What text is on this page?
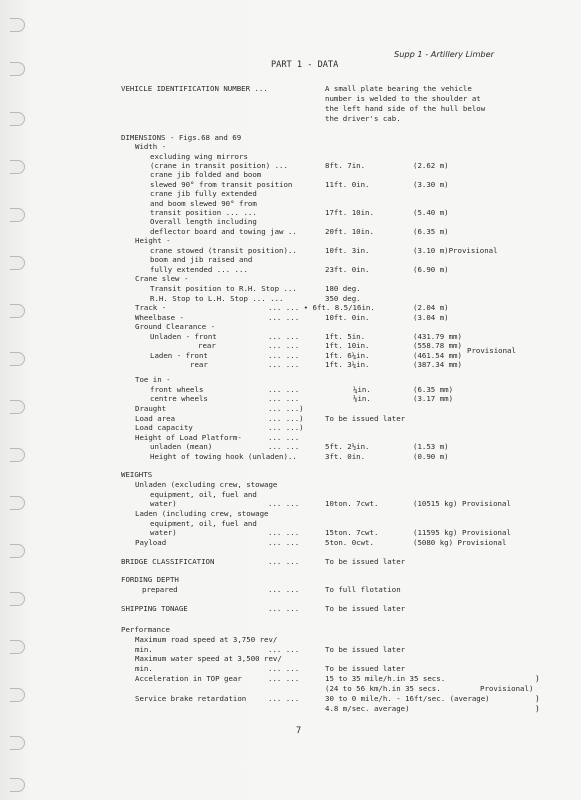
Supp 1 - Artillery Limber
PART 1 - DATA
VEHICLE IDENTIFICATION NUMBER ...	A small plate bearing the vehicle
number is welded to the shoulder at
the left hand side of the hull below
the driver's cab.
DIMENSIONS - Figs.68 and 69
Width -
excluding wing mirrors
(crane in transit position) ...	8ft. 7in.	(2.62 m)
crane jib folded and boom
slewed 90° from transit position	11ft. 0in.	(3.30 m)
crane jib fully extended
and boom slewed 90° from
transit position ... ...	17ft. 10in.	(5.40 m)
Overall length including
deflector board and towing jaw ..	20ft. 10in.	(6.35 m)
Height -
crane stowed (transit position)..	10ft. 3in.	(3.10 m)Provisional
boom and jib raised and
fully extended ... ...	23ft. 0in.	(6.90 m)
Crane slew -
Transit position to R.H. Stop ...	180 deg.
R.H. Stop to L.H. Stop ... ...	350 deg.
Track -	... ... • 6ft. 8.5/16in.	(2.04 m)
Wheelbase -	... ...	10ft. 0in.	(3.04 m)
Ground Clearance -
Unladen - front	... ...	1ft. 5in.	(431.79 mm)
rear	... ...	1ft. 10in.	(558.78 mm)
Provisional
Laden - front	... ...	1ft. 6¼in.	(461.54 mm)
rear	... ...	1ft. 3¼in.	(387.34 mm)
Toe in -
front wheels	... ...	¼in.	(6.35 mm)
centre wheels	... ...	⅛in.	(3.17 mm)
Draught	... ...)
Load area	... ...)	To be issued later
Load capacity	... ...)
Height of Load Platform-	... ...
unladen (mean)	... ...	5ft. 2½in.	(1.53 m)
Height of towing hook (unladen)..	3ft. 0in.	(0.90 m)
WEIGHTS
Unladen (excluding crew, stowage
equipment, oil, fuel and
water)	... ...	10ton. 7cwt.	(10515 kg) Provisional
Laden (including crew, stowage
equipment, oil, fuel and
water)	... ...	15ton. 7cwt.	(11595 kg) Provisional
Payload	... ...	5ton. 0cwt.	(5080 kg) Provisional
BRIDGE CLASSIFICATION	... ...	To be issued later
FORDING DEPTH
prepared	... ...	To full flotation
SHIPPING TONAGE	... ...	To be issued later
Performance
Maximum road speed at 3,750 rev/
min.	... ...	To be issued later
Maximum water speed at 3,500 rev/
min.	... ...	To be issued later
Acceleration in TOP gear	... ...	15 to 35 mile/h.in 35 secs.
(24 to 56 km/h.in 35 secs.	Provisional)
Service brake retardation	... ...	30 to 0 mile/h. - 16ft/sec. (average)
4.8 m/sec. average)
)
)
)
7
